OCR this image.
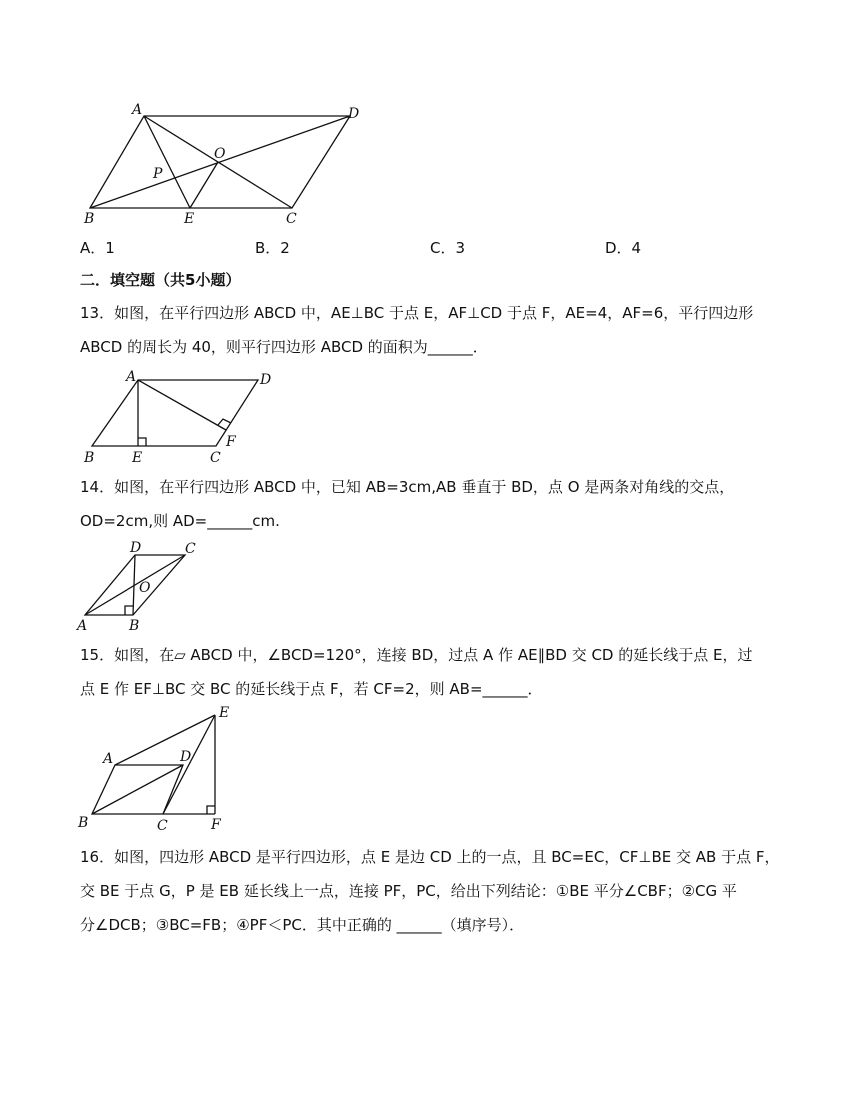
A	D
O
P
B	E	C
A．1	B．2	C．3	D．4
二．填空题（共5小题）
13．如图，在平行四边形 ABCD 中，AE⊥BC 于点 E，AF⊥CD 于点 F，AE=4，AF=6，平行四边形
ABCD 的周长为 40，则平行四边形 ABCD 的面积为______．
A	D
F
B	E	C
14．如图，在平行四边形 ABCD 中，已知 AB=3cm,AB 垂直于 BD，点 O 是两条对角线的交点，
OD=2cm,则 AD=______cm.
D	C
O
A	B
15．如图，在▱ ABCD 中，∠BCD=120°，连接 BD，过点 A 作 AE∥BD 交 CD 的延长线于点 E，过
点 E 作 EF⊥BC 交 BC 的延长线于点 F，若 CF=2，则 AB=______．
E
A	D
B	C	F
16．如图，四边形 ABCD 是平行四边形，点 E 是边 CD 上的一点，且 BC=EC，CF⊥BE 交 AB 于点 F，
交 BE 于点 G，P 是 EB 延长线上一点，连接 PF，PC，给出下列结论：①BE 平分∠CBF；②CG 平
分∠DCB；③BC=FB；④PF＜PC．其中正确的 ______（填序号）．
